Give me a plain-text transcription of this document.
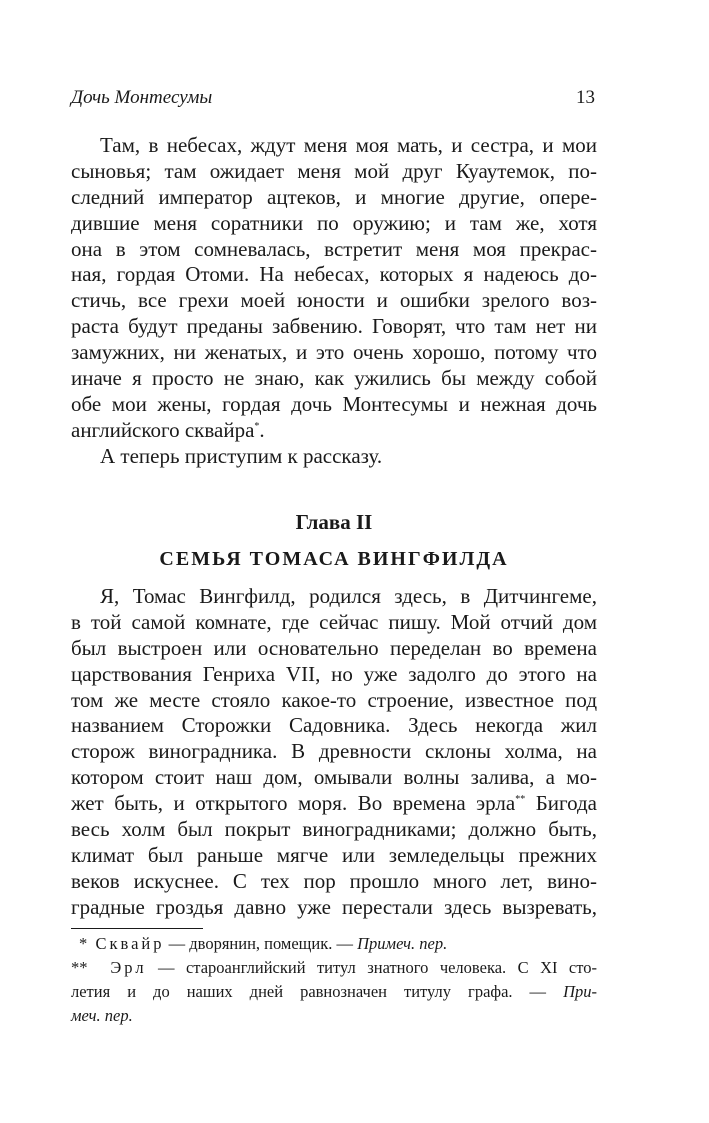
Дочь Монтесумы	13
Там, в небесах, ждут меня моя мать, и сестра, и мои
сыновья; там ожидает меня мой друг Куаутемок, по-
следний император ацтеков, и многие другие, опере-
дившие меня соратники по оружию; и там же, хотя
она в этом сомневалась, встретит меня моя прекрас-
ная, гордая Отоми. На небесах, которых я надеюсь до-
стичь, все грехи моей юности и ошибки зрелого воз-
раста будут преданы забвению. Говорят, что там нет ни
замужних, ни женатых, и это очень хорошо, потому что
иначе я просто не знаю, как ужились бы между собой
обе мои жены, гордая дочь Монтесумы и нежная дочь
английского сквайра*.
А теперь приступим к рассказу.
Глава II
СЕМЬЯ ТОМАСА ВИНГФИЛДА
Я, Томас Вингфилд, родился здесь, в Дитчингеме,
в той самой комнате, где сейчас пишу. Мой отчий дом
был выстроен или основательно переделан во времена
царствования Генриха VII, но уже задолго до этого на
том же месте стояло какое-то строение, известное под
названием Сторожки Садовника. Здесь некогда жил
сторож виноградника. В древности склоны холма, на
котором стоит наш дом, омывали волны залива, а мо-
жет быть, и открытого моря. Во времена эрла** Бигода
весь холм был покрыт виноградниками; должно быть,
климат был раньше мягче или земледельцы прежних
веков искуснее. С тех пор прошло много лет, вино-
градные гроздья давно уже перестали здесь вызревать,
* Сквайр — дворянин, помещик. — Примеч. пер.
** Эрл — староанглийский титул знатного человека. С XI сто-
летия и до наших дней равнозначен титулу графа. — При-
меч. пер.
